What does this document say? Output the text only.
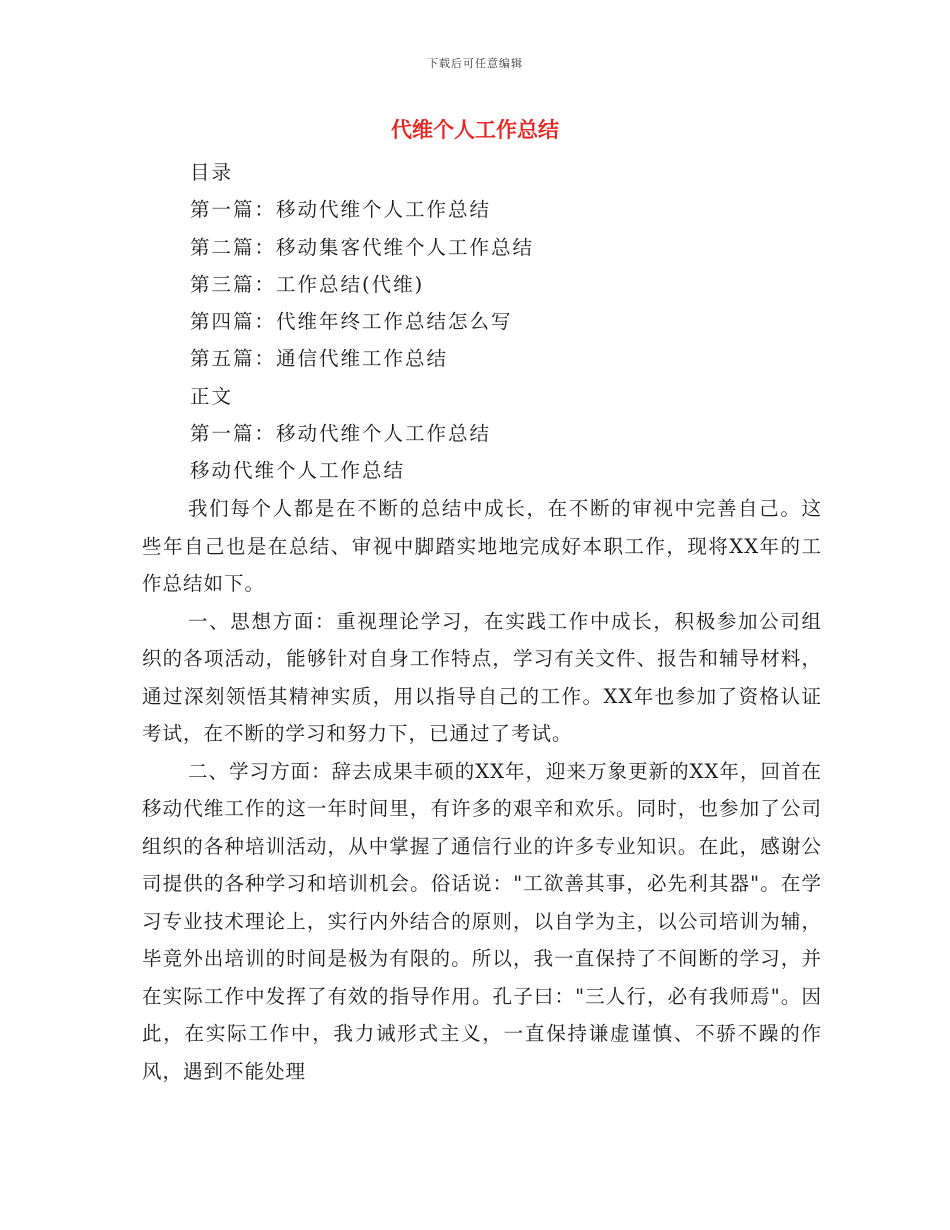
下载后可任意编辑
代维个人工作总结
目录
第一篇：移动代维个人工作总结
第二篇：移动集客代维个人工作总结
第三篇：工作总结(代维)
第四篇：代维年终工作总结怎么写
第五篇：通信代维工作总结
正文
第一篇：移动代维个人工作总结
移动代维个人工作总结

我们每个人都是在不断的总结中成长，在不断的审视中完善自己。这些年自己也是在总结、审视中脚踏实地地完成好本职工作，现将XX年的工作总结如下。

一、思想方面：重视理论学习，在实践工作中成长，积极参加公司组织的各项活动，能够针对自身工作特点，学习有关文件、报告和辅导材料，通过深刻领悟其精神实质，用以指导自己的工作。XX年也参加了资格认证考试，在不断的学习和努力下，已通过了考试。

二、学习方面：辞去成果丰硕的XX年，迎来万象更新的XX年，回首在移动代维工作的这一年时间里，有许多的艰辛和欢乐。同时，也参加了公司组织的各种培训活动，从中掌握了通信行业的许多专业知识。在此，感谢公司提供的各种学习和培训机会。俗话说："工欲善其事，必先利其器"。在学习专业技术理论上，实行内外结合的原则，以自学为主，以公司培训为辅，毕竟外出培训的时间是极为有限的。所以，我一直保持了不间断的学习，并在实际工作中发挥了有效的指导作用。孔子曰："三人行，必有我师焉"。因此，在实际工作中，我力诫形式主义，一直保持谦虚谨慎、不骄不躁的作风，遇到不能处理
